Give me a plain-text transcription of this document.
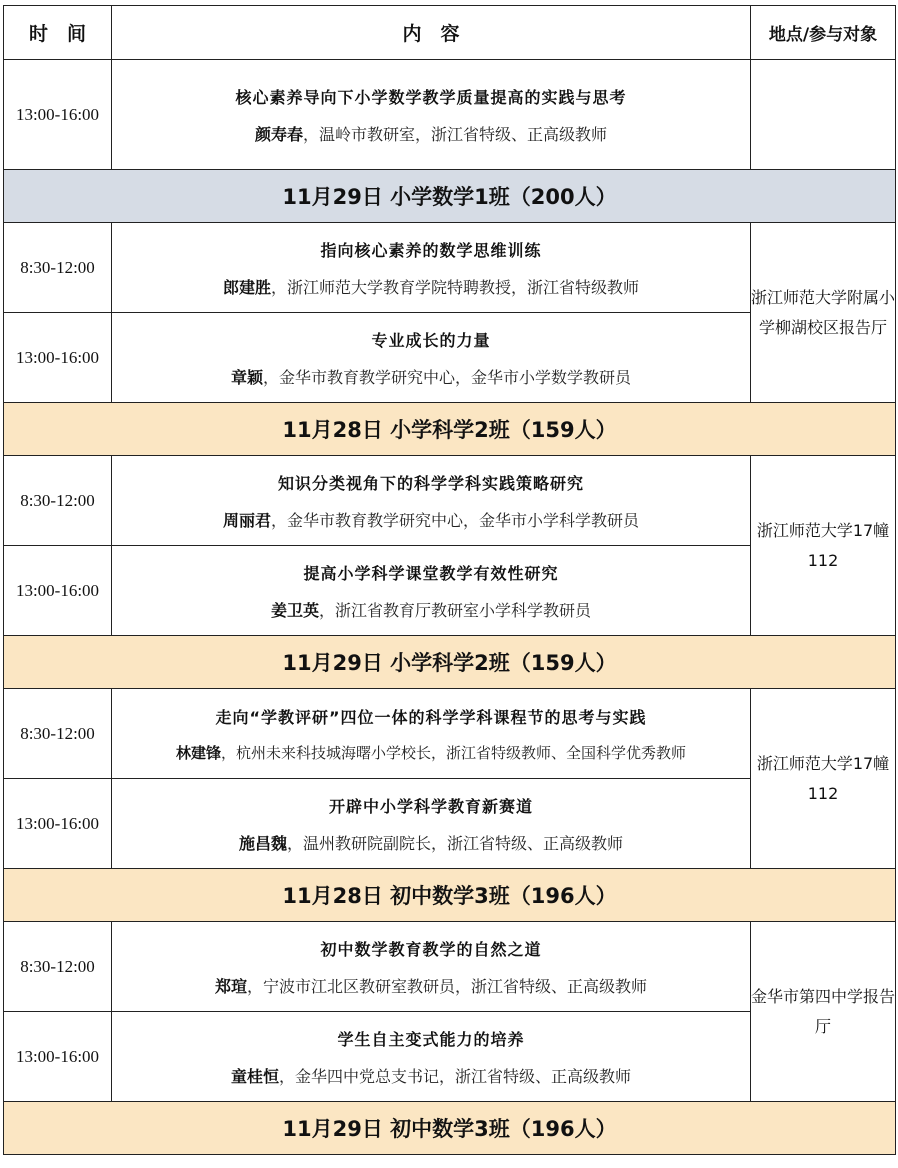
时　间	内　容	地点/参与对象
13:00-16:00	核心素养导向下小学数学教学质量提高的实践与思考
颜寿春，温岭市教研室，浙江省特级、正高级教师	

11月29日 小学数学1班（200人）		
8:30-12:00	指向核心素养的数学思维训练
郎建胜，浙江师范大学教育学院特聘教授，浙江省特级教师	浙江师范大学附属小学柳湖校区报告厅
13:00-16:00	专业成长的力量
章颖，金华市教育教学研究中心，金华市小学数学教研员	

11月28日 小学科学2班（159人）		
8:30-12:00	知识分类视角下的科学学科实践策略研究
周丽君，金华市教育教学研究中心，金华市小学科学教研员	浙江师范大学17幢112
13:00-16:00	提高小学科学课堂教学有效性研究
姜卫英，浙江省教育厅教研室小学科学教研员	

11月29日 小学科学2班（159人）		
8:30-12:00	走向“学教评研”四位一体的科学学科课程节的思考与实践
林建锋，杭州未来科技城海曙小学校长，浙江省特级教师、全国科学优秀教师	浙江师范大学17幢112
13:00-16:00	开辟中小学科学教育新赛道
施昌魏，温州教研院副院长，浙江省特级、正高级教师	

11月28日 初中数学3班（196人）		
8:30-12:00	初中数学教育教学的自然之道
郑瑄，宁波市江北区教研室教研员，浙江省特级、正高级教师	金华市第四中学报告厅
13:00-16:00	学生自主变式能力的培养
童桂恒，金华四中党总支书记，浙江省特级、正高级教师	

11月29日 初中数学3班（196人）		
